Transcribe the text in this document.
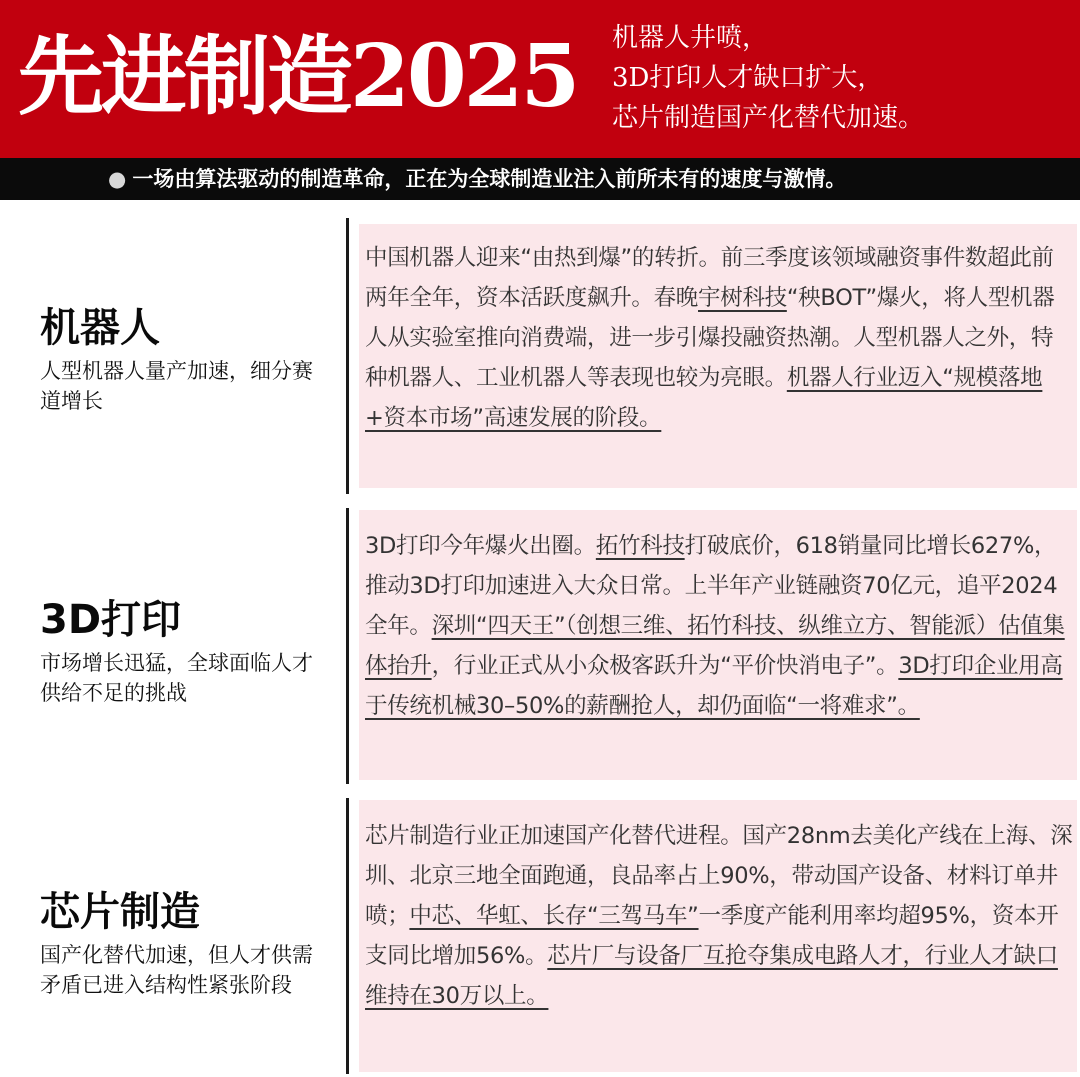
先进制造2025 机器人井喷，
3D打印人才缺口扩大，
芯片制造国产化替代加速。
● 一场由算法驱动的制造革命，正在为全球制造业注入前所未有的速度与激情。
机器人
人型机器人量产加速，细分赛道增长
中国机器人迎来“由热到爆”的转折。前三季度该领域融资事件数超此前两年全年，资本活跃度飙升。春晚宇树科技“秧BOT”爆火，将人型机器人从实验室推向消费端，进一步引爆投融资热潮。人型机器人之外，特种机器人、工业机器人等表现也较为亮眼。机器人行业迈入“规模落地+资本市场”高速发展的阶段。
3D打印
市场增长迅猛，全球面临人才供给不足的挑战
3D打印今年爆火出圈。拓竹科技打破底价，618销量同比增长627%，推动3D打印加速进入大众日常。上半年产业链融资70亿元，追平2024全年。深圳“四天王”（创想三维、拓竹科技、纵维立方、智能派）估值集体抬升，行业正式从小众极客跃升为“平价快消电子”。3D打印企业用高于传统机械30–50%的薪酬抢人，却仍面临“一将难求”。
芯片制造
国产化替代加速，但人才供需矛盾已进入结构性紧张阶段
芯片制造行业正加速国产化替代进程。国产28nm去美化产线在上海、深圳、北京三地全面跑通，良品率占上90%，带动国产设备、材料订单井喷；中芯、华虹、长存“三驾马车”一季度产能利用率均超95%，资本开支同比增加56%。芯片厂与设备厂互抢夺集成电路人才，行业人才缺口维持在30万以上。
